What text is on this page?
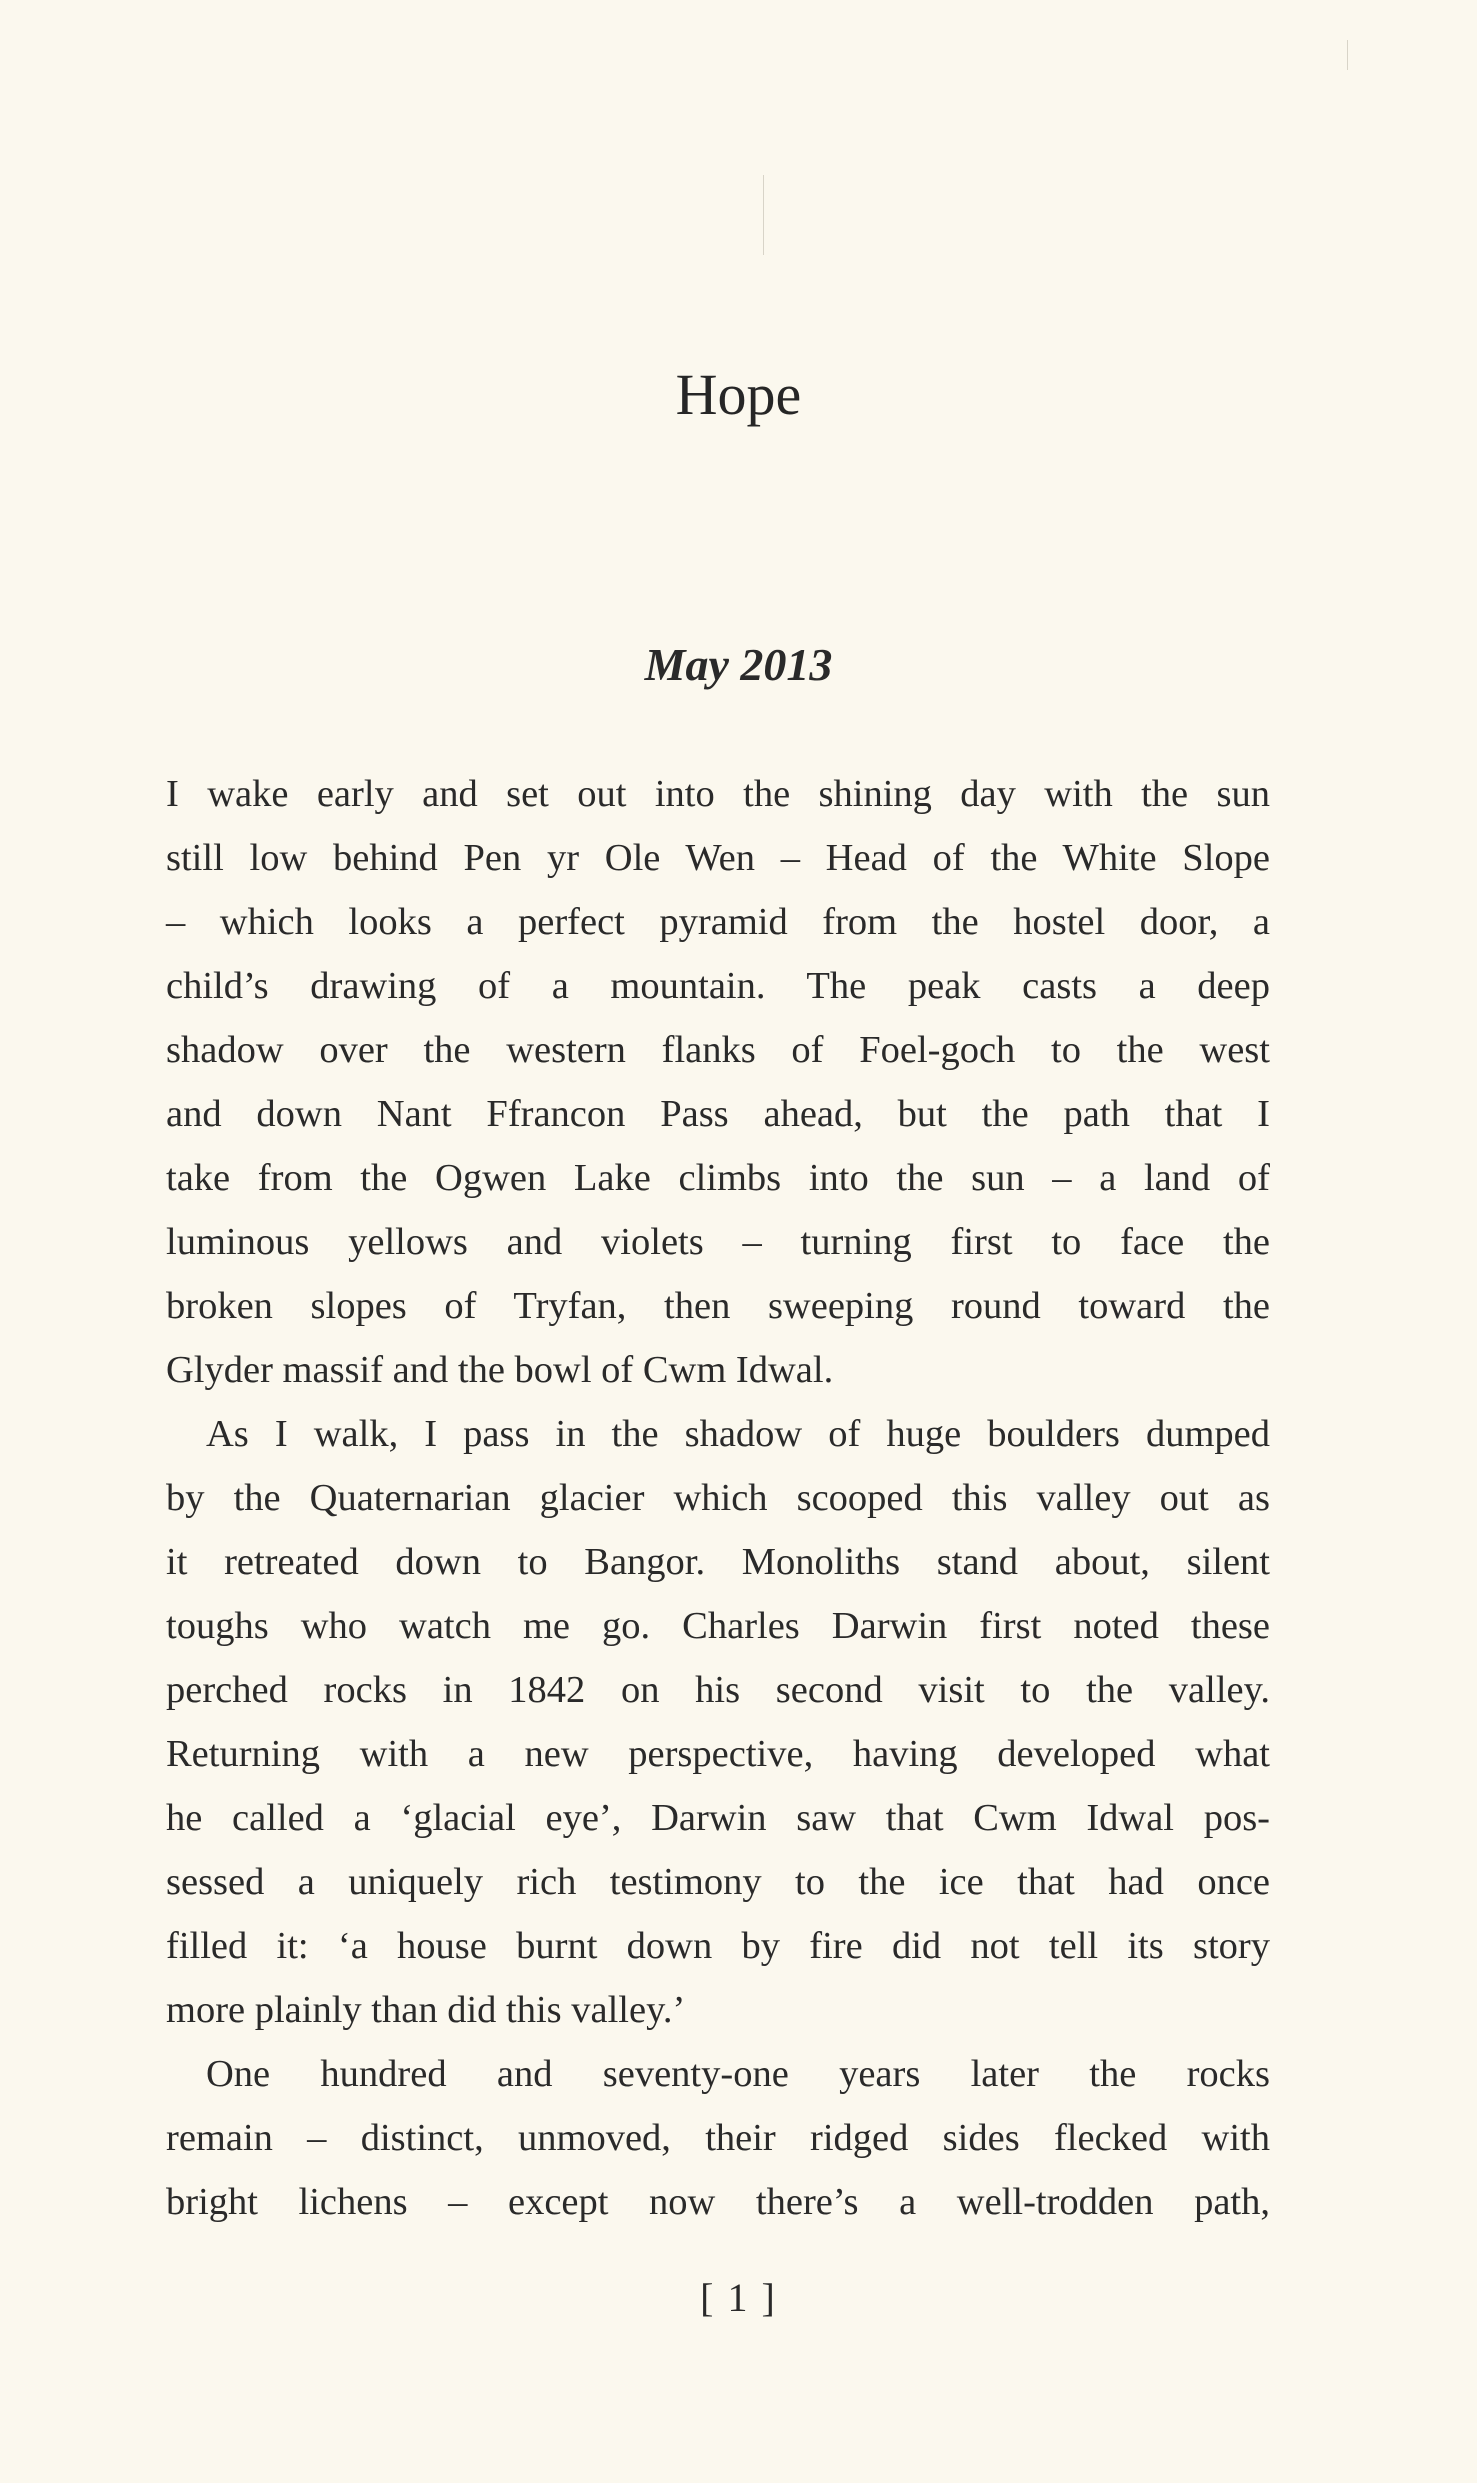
Hope
May 2013
I wake early and set out into the shining day with the sun
still low behind Pen yr Ole Wen – Head of the White Slope
– which looks a perfect pyramid from the hostel door, a
child’s drawing of a mountain. The peak casts a deep
shadow over the western flanks of Foel-goch to the west
and down Nant Ffrancon Pass ahead, but the path that I
take from the Ogwen Lake climbs into the sun – a land of
luminous yellows and violets – turning first to face the
broken slopes of Tryfan, then sweeping round toward the
Glyder massif and the bowl of Cwm Idwal.
As I walk, I pass in the shadow of huge boulders dumped
by the Quaternarian glacier which scooped this valley out as
it retreated down to Bangor. Monoliths stand about, silent
toughs who watch me go. Charles Darwin first noted these
perched rocks in 1842 on his second visit to the valley.
Returning with a new perspective, having developed what
he called a ‘glacial eye’, Darwin saw that Cwm Idwal pos-
sessed a uniquely rich testimony to the ice that had once
filled it: ‘a house burnt down by fire did not tell its story
more plainly than did this valley.’
One hundred and seventy-one years later the rocks
remain – distinct, unmoved, their ridged sides flecked with
bright lichens – except now there’s a well-trodden path,
[ 1 ]
